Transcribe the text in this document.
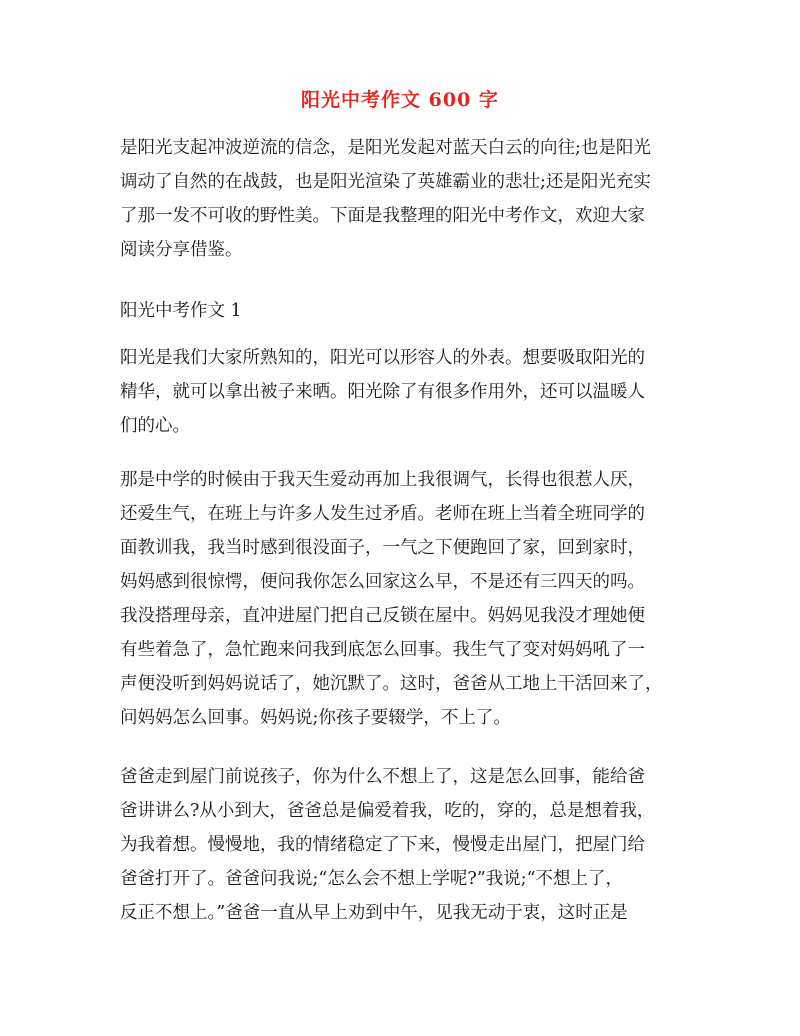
阳光中考作文 600 字

是阳光支起冲波逆流的信念，是阳光发起对蓝天白云的向往;也是阳光
调动了自然的在战鼓，也是阳光渲染了英雄霸业的悲壮;还是阳光充实
了那一发不可收的野性美。下面是我整理的阳光中考作文，欢迎大家
阅读分享借鉴。

阳光中考作文 1

阳光是我们大家所熟知的，阳光可以形容人的外表。想要吸取阳光的
精华，就可以拿出被子来晒。阳光除了有很多作用外，还可以温暖人
们的心。

那是中学的时候由于我天生爱动再加上我很调气，长得也很惹人厌，
还爱生气，在班上与许多人发生过矛盾。老师在班上当着全班同学的
面教训我，我当时感到很没面子，一气之下便跑回了家，回到家时，
妈妈感到很惊愕，便问我你怎么回家这么早，不是还有三四天的吗。
我没搭理母亲，直冲进屋门把自己反锁在屋中。妈妈见我没才理她便
有些着急了，急忙跑来问我到底怎么回事。我生气了变对妈妈吼了一
声便没听到妈妈说话了，她沉默了。这时，爸爸从工地上干活回来了，
问妈妈怎么回事。妈妈说;你孩子要辍学，不上了。

爸爸走到屋门前说孩子，你为什么不想上了，这是怎么回事，能给爸
爸讲讲么?从小到大，爸爸总是偏爱着我，吃的，穿的，总是想着我，
为我着想。慢慢地，我的情绪稳定了下来，慢慢走出屋门，把屋门给
爸爸打开了。爸爸问我说;“怎么会不想上学呢?”我说;“不想上了，
反正不想上。”爸爸一直从早上劝到中午，见我无动于衷，这时正是
